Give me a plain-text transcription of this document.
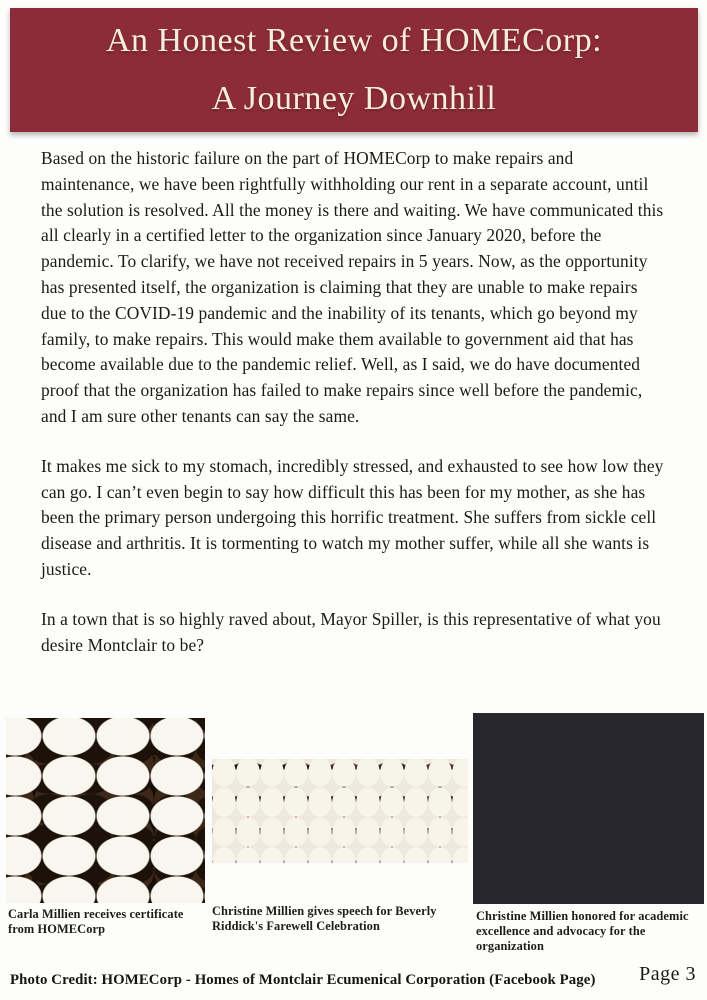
An Honest Review of HOMECorp:
A Journey Downhill

Based on the historic failure on the part of HOMECorp to make repairs and maintenance, we have been rightfully withholding our rent in a separate account, until the solution is resolved. All the money is there and waiting. We have communicated this all clearly in a certified letter to the organization since January 2020, before the pandemic. To clarify, we have not received repairs in 5 years. Now, as the opportunity has presented itself, the organization is claiming that they are unable to make repairs due to the COVID-19 pandemic and the inability of its tenants, which go beyond my family, to make repairs. This would make them available to government aid that has become available due to the pandemic relief. Well, as I said, we do have documented proof that the organization has failed to make repairs since well before the pandemic, and I am sure other tenants can say the same.

It makes me sick to my stomach, incredibly stressed, and exhausted to see how low they can go. I can’t even begin to say how difficult this has been for my mother, as she has been the primary person undergoing this horrific treatment. She suffers from sickle cell disease and arthritis. It is tormenting to watch my mother suffer, while all she wants is justice.

In a town that is so highly raved about, Mayor Spiller, is this representative of what you desire Montclair to be?

Carla Millien receives certificate from HOMECorp
Christine Millien gives speech for Beverly Riddick's Farewell Celebration
Christine Millien honored for academic excellence and advocacy for the organization
Photo Credit: HOMECorp - Homes of Montclair Ecumenical Corporation (Facebook Page) Page 3
